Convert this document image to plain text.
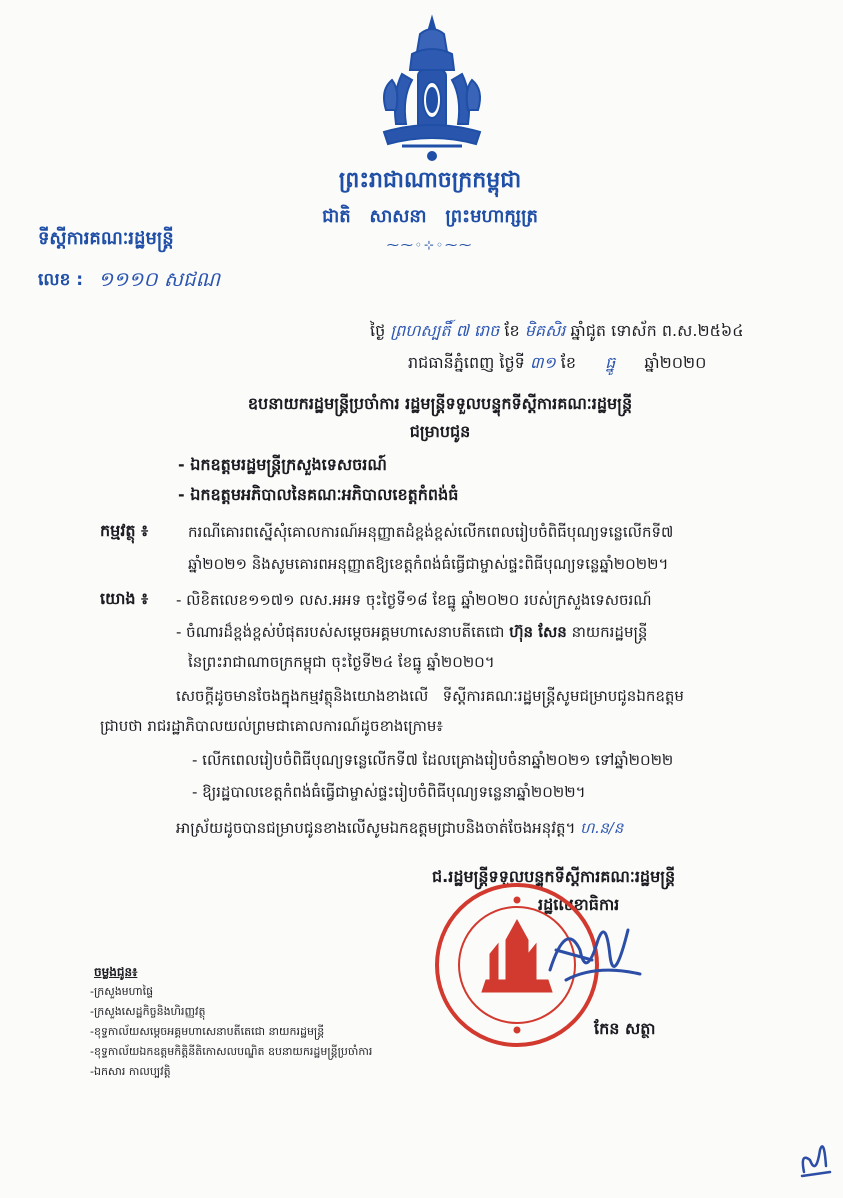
ព្រះរាជាណាចក្រកម្ពុជា
ជាតិ   សាសនា   ព្រះមហាក្សត្រ
⁓⁓◦⊹◦⁓⁓
ទីស្តីការគណៈរដ្ឋមន្ត្រី
លេខ : ១១១០ សជណ
ថ្ងៃ ព្រហស្បតិ៍ ៧ រោច ខែ មិគសិរ ឆ្នាំជូត ទោស័ក ព.ស.២៥៦៤
រាជធានីភ្នំពេញ ថ្ងៃទី ៣១ ខែ ធ្នូ ឆ្នាំ២០២០
ឧបនាយករដ្ឋមន្ត្រីប្រចាំការ រដ្ឋមន្ត្រីទទួលបន្ទុកទីស្តីការគណៈរដ្ឋមន្ត្រី
ជម្រាបជូន
- ឯកឧត្តមរដ្ឋមន្ត្រីក្រសួងទេសចរណ៍
- ឯកឧត្តមអភិបាលនៃគណៈអភិបាលខេត្តកំពង់ធំ
កម្មវត្ថុ ៖	ករណីគោរពស្នើសុំគោលការណ៍អនុញ្ញាតដំខ្ពង់ខ្ពស់លើកពេលរៀបចំពិធីបុណ្យទន្លេលើកទី៧
ឆ្នាំ២០២១ និងសូមគោរពអនុញ្ញាតឱ្យខេត្តកំពង់ធំធ្វើជាម្ចាស់ផ្ទះពិធីបុណ្យទន្លេឆ្នាំ២០២២។
យោង ៖ - លិខិតលេខ១១៧១ លស.អអទ ចុះថ្ងៃទី១៨ ខែធ្នូ ឆ្នាំ២០២០ របស់ក្រសួងទេសចរណ៍
- ចំណារដ៏ខ្ពង់ខ្ពស់បំផុតរបស់សម្តេចអគ្គមហាសេនាបតីតេជោ ហ៊ុន សែន នាយករដ្ឋមន្ត្រី
នៃព្រះរាជាណាចក្រកម្ពុជា ចុះថ្ងៃទី២៤ ខែធ្នូ ឆ្នាំ២០២០។
សេចក្តីដូចមានចែងក្នុងកម្មវត្ថុនិងយោងខាងលើ   ទីស្តីការគណៈរដ្ឋមន្ត្រីសូមជម្រាបជូនឯកឧត្តម
ជ្រាបថា រាជរដ្ឋាភិបាលយល់ព្រមជាគោលការណ៍ដូចខាងក្រោម៖
- លើកពេលរៀបចំពិធីបុណ្យទន្លេលើកទី៧ ដែលគ្រោងរៀបចំនាឆ្នាំ២០២១ ទៅឆ្នាំ២០២២
- ឱ្យរដ្ឋបាលខេត្តកំពង់ធំធ្វើជាម្ចាស់ផ្ទះរៀបចំពិធីបុណ្យទន្លេនាឆ្នាំ២០២២។
អាស្រ័យដូចបានជម្រាបជូនខាងលើសូមឯកឧត្តមជ្រាបនិងចាត់ចែងអនុវត្ត។ ហ.ន/ន
ជ.រដ្ឋមន្ត្រីទទួលបន្ទុកទីស្តីការគណៈរដ្ឋមន្ត្រី
រដ្ឋលេខាធិការ
កែន សត្ថា
ចម្លងជូន៖
-ក្រសួងមហាផ្ទៃ
-ក្រសួងសេដ្ឋកិច្ចនិងហិរញ្ញវត្ថុ
-ខុទ្ទកាល័យសម្តេចអគ្គមហាសេនាបតីតេជោ នាយករដ្ឋមន្ត្រី
-ខុទ្ទកាល័យឯកឧត្តមកិត្តិនីតិកោសលបណ្ឌិត ឧបនាយករដ្ឋមន្ត្រីប្រចាំការ
-ឯកសារ កាលប្បវត្តិ
